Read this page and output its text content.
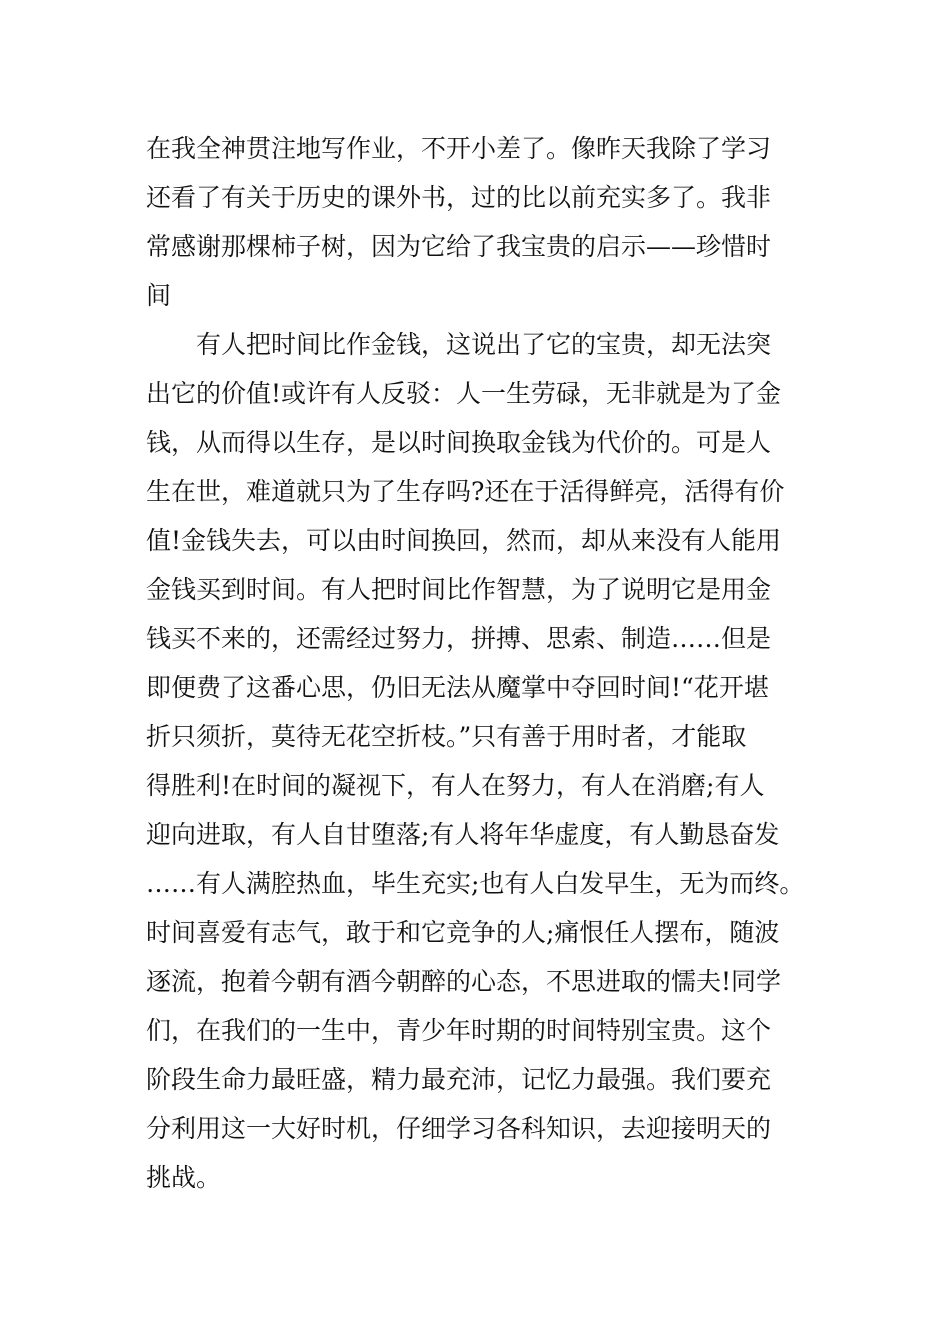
在我全神贯注地写作业，不开小差了。像昨天我除了学习
还看了有关于历史的课外书，过的比以前充实多了。我非
常感谢那棵柿子树，因为它给了我宝贵的启示——珍惜时
间
　　有人把时间比作金钱，这说出了它的宝贵，却无法突
出它的价值!或许有人反驳：人一生劳碌，无非就是为了金
钱，从而得以生存，是以时间换取金钱为代价的。可是人
生在世，难道就只为了生存吗?还在于活得鲜亮，活得有价
值!金钱失去，可以由时间换回，然而，却从来没有人能用
金钱买到时间。有人把时间比作智慧，为了说明它是用金
钱买不来的，还需经过努力，拼搏、思索、制造……但是
即便费了这番心思，仍旧无法从魔掌中夺回时间!“花开堪
折只须折，莫待无花空折枝。”只有善于用时者，才能取
得胜利!在时间的凝视下，有人在努力，有人在消磨;有人
迎向进取，有人自甘堕落;有人将年华虚度，有人勤恳奋发
……有人满腔热血，毕生充实;也有人白发早生，无为而终。
时间喜爱有志气，敢于和它竞争的人;痛恨任人摆布，随波
逐流，抱着今朝有酒今朝醉的心态，不思进取的懦夫!同学
们，在我们的一生中，青少年时期的时间特别宝贵。这个
阶段生命力最旺盛，精力最充沛，记忆力最强。我们要充
分利用这一大好时机，仔细学习各科知识，去迎接明天的
挑战。
